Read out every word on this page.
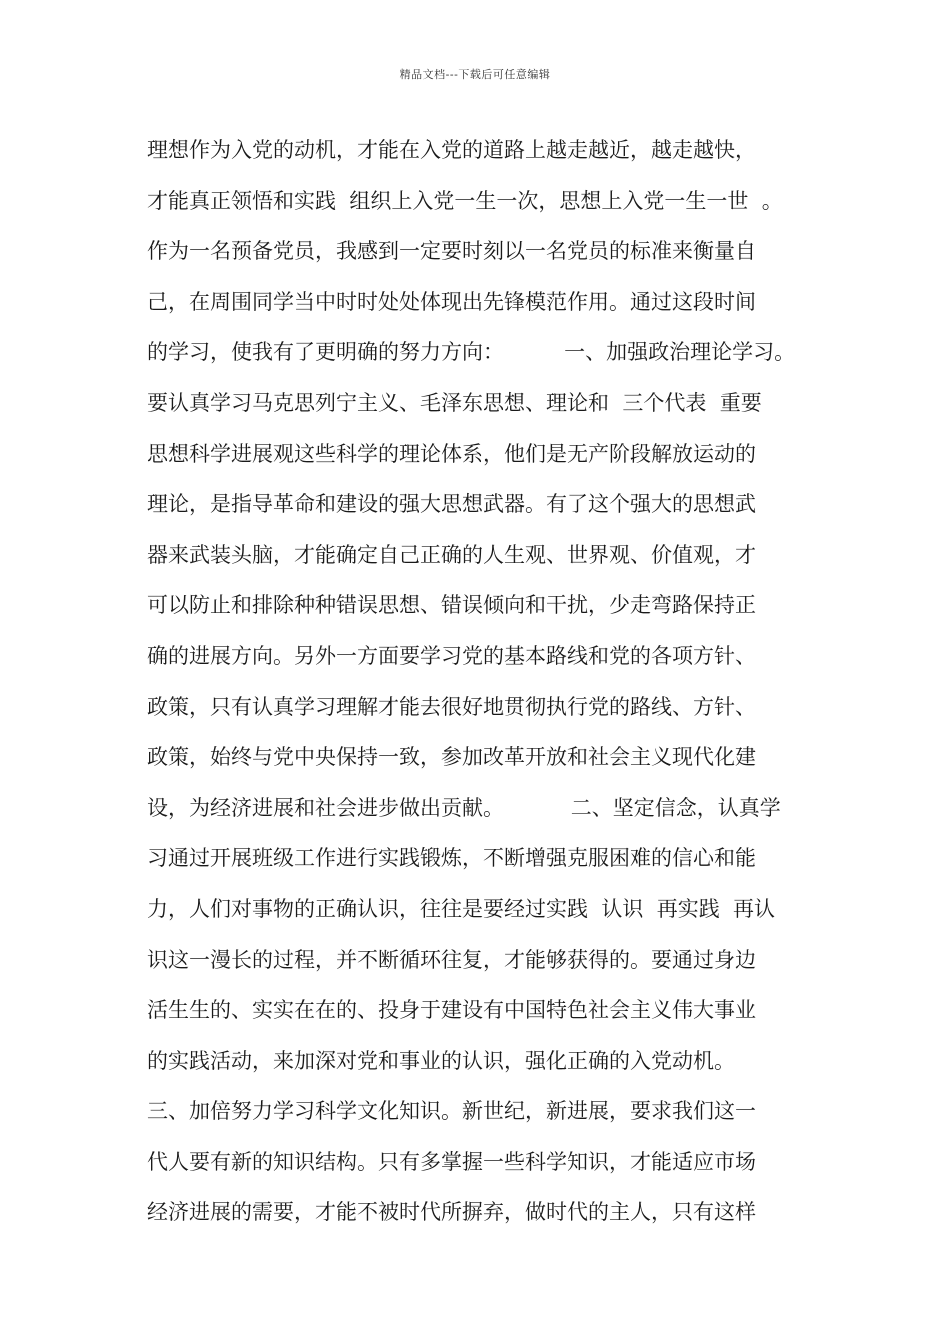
精品文档---下载后可任意编辑
理想作为入党的动机，才能在入党的道路上越走越近，越走越快，
才能真正领悟和实践  组织上入党一生一次，思想上入党一生一世  。
作为一名预备党员，我感到一定要时刻以一名党员的标准来衡量自
己，在周围同学当中时时处处体现出先锋模范作用。通过这段时间
的学习，使我有了更明确的努力方向：         一、加强政治理论学习。
要认真学习马克思列宁主义、毛泽东思想、理论和  三个代表  重要
思想科学进展观这些科学的理论体系，他们是无产阶段解放运动的
理论，是指导革命和建设的强大思想武器。有了这个强大的思想武
器来武装头脑，才能确定自己正确的人生观、世界观、价值观，才
可以防止和排除种种错误思想、错误倾向和干扰，少走弯路保持正
确的进展方向。另外一方面要学习党的基本路线和党的各项方针、
政策，只有认真学习理解才能去很好地贯彻执行党的路线、方针、
政策，始终与党中央保持一致，参加改革开放和社会主义现代化建
设，为经济进展和社会进步做出贡献。          二、坚定信念，认真学
习通过开展班级工作进行实践锻炼，不断增强克服困难的信心和能
力，人们对事物的正确认识，往往是要经过实践  认识  再实践  再认
识这一漫长的过程，并不断循环往复，才能够获得的。要通过身边
活生生的、实实在在的、投身于建设有中国特色社会主义伟大事业
的实践活动，来加深对党和事业的认识，强化正确的入党动机。
三、加倍努力学习科学文化知识。新世纪，新进展，要求我们这一
代人要有新的知识结构。只有多掌握一些科学知识，才能适应市场
经济进展的需要，才能不被时代所摒弃，做时代的主人，只有这样
